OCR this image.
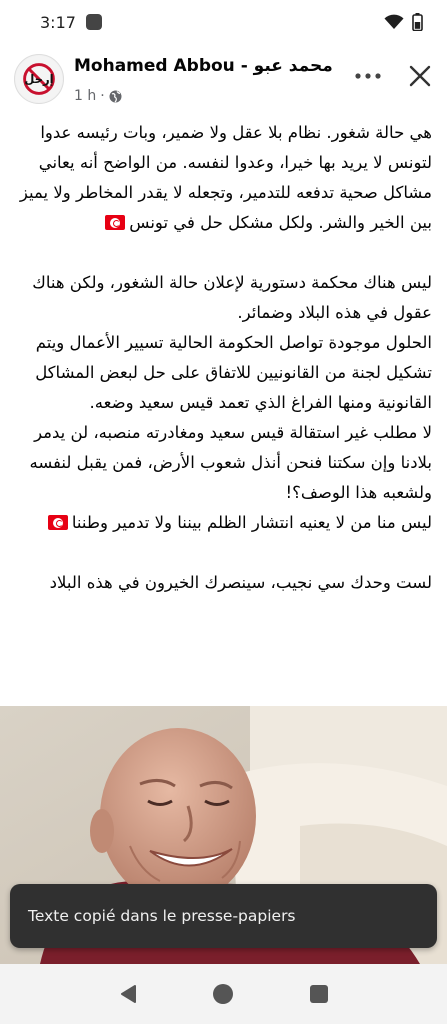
3:17
إرحل
Mohamed Abbou - محمد عبو
1 h ·

هي حالة شغور. نظام بلا عقل ولا ضمير، وبات رئيسه عدوا لتونس لا يريد بها خيرا، وعدوا لنفسه. من الواضح أنه يعاني مشاكل صحية تدفعه للتدمير، وتجعله لا يقدر المخاطر ولا يميز بين الخير والشر. ولكل مشكل حل في تونس

ليس هناك محكمة دستورية لإعلان حالة الشغور، ولكن هناك عقول في هذه البلاد وضمائر.

الحلول موجودة تواصل الحكومة الحالية تسيير الأعمال ويتم تشكيل لجنة من القانونيين للاتفاق على حل لبعض المشاكل القانونية ومنها الفراغ الذي تعمد قيس سعيد وضعه.

لا مطلب غير استقالة قيس سعيد ومغادرته منصبه، لن يدمر بلادنا وإن سكتنا فنحن أنذل شعوب الأرض، فمن يقبل لنفسه ولشعبه هذا الوصف؟!

ليس منا من لا يعنيه انتشار الظلم بيننا ولا تدمير وطننا

لست وحدك سي نجيب، سينصرك الخيرون في هذه البلاد

Texte copié dans le presse-papiers
